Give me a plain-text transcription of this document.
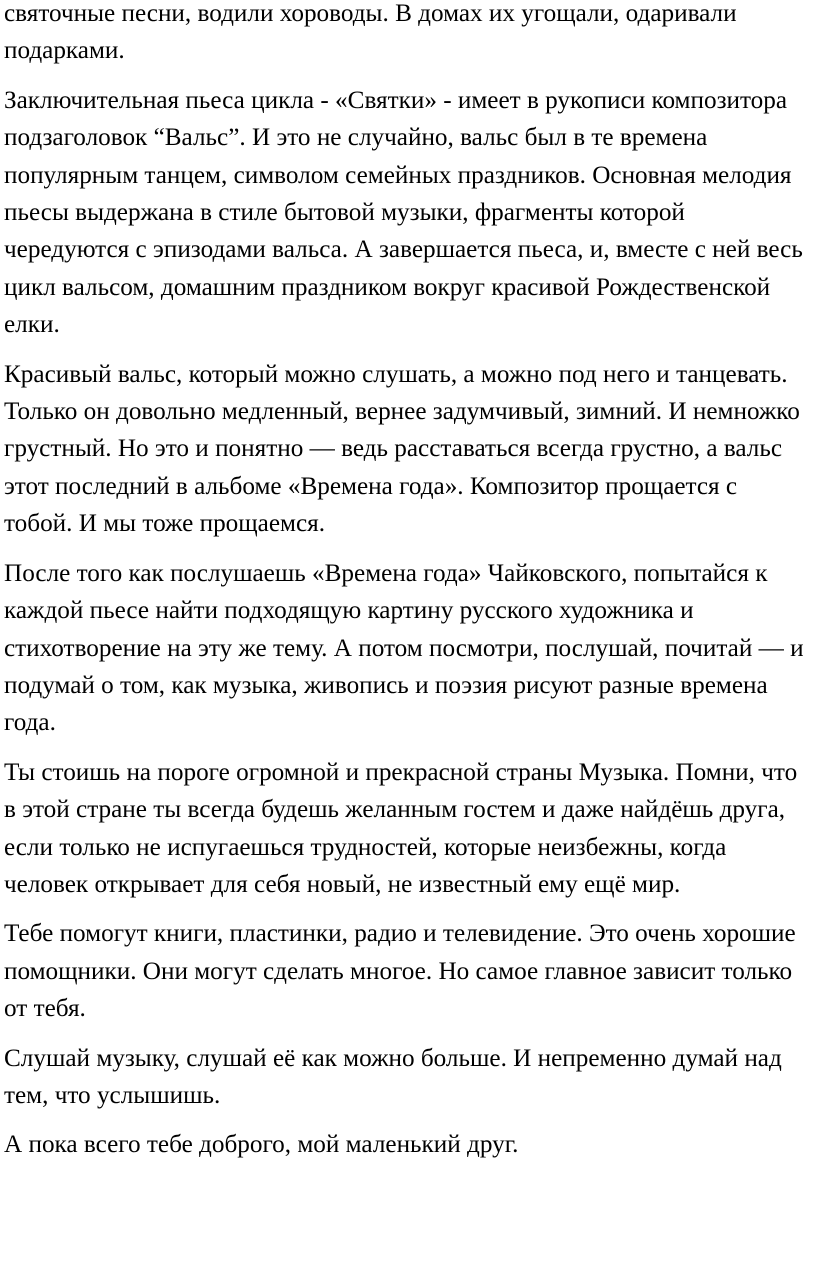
святочные песни, водили хороводы. В домах их угощали, одаривали подарками.

Заключительная пьеса цикла - «Святки» - имеет в рукописи композитора подзаголовок “Вальс”. И это не случайно, вальс был в те времена популярным танцем, символом семейных праздников. Основная мелодия пьесы выдержана в стиле бытовой музыки, фрагменты которой чередуются с эпизодами вальса. А завершается пьеса, и, вместе с ней весь цикл вальсом, домашним праздником вокруг красивой Рождественской елки.

Красивый вальс, который можно слушать, а можно под него и танцевать. Только он довольно медленный, вернее задумчивый, зимний. И немножко грустный. Но это и понятно — ведь расставаться всегда грустно, а вальс этот последний в альбоме «Времена года». Композитор прощается с тобой. И мы тоже прощаемся.

После того как послушаешь «Времена года» Чайковского, попытайся к каждой пьесе найти подходящую картину русского художника и стихотворение на эту же тему. А потом посмотри, послушай, почитай — и подумай о том, как музыка, живопись и поэзия рисуют разные времена года.

Ты стоишь на пороге огромной и прекрасной страны Музыка. Помни, что в этой стране ты всегда будешь желанным гостем и даже найдёшь друга, если только не испугаешься трудностей, которые неизбежны, когда человек открывает для себя новый, не известный ему ещё мир.

Тебе помогут книги, пластинки, радио и телевидение. Это очень хорошие помощники. Они могут сделать многое. Но самое главное зависит только от тебя.

Слушай музыку, слушай её как можно больше. И непременно думай над тем, что услышишь.

А пока всего тебе доброго, мой маленький друг.
